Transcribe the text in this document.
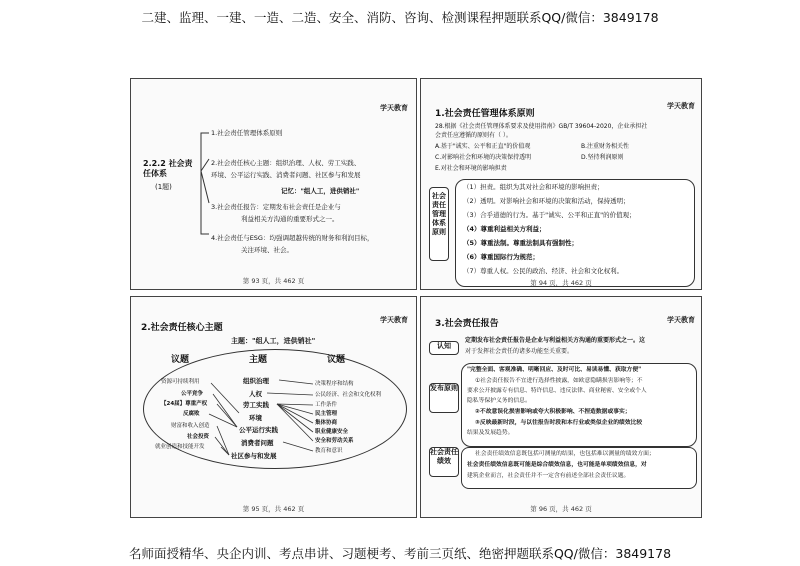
二建、监理、一建、一造、二造、安全、消防、咨询、检测课程押题联系QQ/微信：3849178
学天教育
2.2.2 社会责任体系
(1题)
1.社会责任管理体系原则
2.社会责任核心主题：组织治理、人权、劳工实践、
环境、公平运行实践、消费者问题、社区参与和发展
记忆："组人工，进供销社"
3.社会责任报告：定期发布社会责任是企业与
利益相关方沟通的重要形式之一。
4.社会责任与ESG：均强调超越传统的财务和利润目标，
关注环境、社会。
第 93 页，共 462 页
学天教育
1.社会责任管理体系原则
28.根据《社会责任管理体系要求及使用指南》GB/T 39604-2020，企业承担社
会责任应遵循的原则有（ ）。
A.基于"诚实、公平和正直"的价值观	B.注重财务相关性
C.对影响社会和环境的决策保持透明	D.坚持利润原则
E.对社会和环境的影响担责
社会责任管理体系原则
（1）担责。组织为其对社会和环境的影响担责；
（2）透明。对影响社会和环境的决策和活动，保持透明；
（3）合乎道德的行为。基于"诚实、公平和正直"的价值观；
（4）尊重利益相关方利益；
（5）尊重法制。尊重法制具有强制性；
（6）尊重国际行为规范；
（7）尊重人权。公民的政治、经济、社会和文化权利。
第 94 页，共 462 页
学天教育
2.社会责任核心主题
主题："组人工，进供销社"
议题	主题	议题
资源可持续利用
公平竞争
【24届】尊重产权
反腐败
财富和收入创造
社会投资
就业创造和技能开发
组织治理
人权
劳工实践
环境
公平运行实践
消费者问题
社区参与和发展
决策程序和结构
公民经济、社会和文化权利
工作条件
民主管理
集体协商
职业健康安全
安全和劳动关系
教育和意识
第 95 页，共 462 页
学天教育
3.社会责任报告
认知
定期发布社会责任报告是企业与利益相关方沟通的重要形式之一。这
对于发挥社会责任的诸多功能至关重要。
发布原则
"完整全面、客观准确、明晰回应、及时可比、易读易懂、获取方便"
①社会责任报告不宜进行选择性披露，如欧意隐瞒损害影响等；不
要求公开披露专有信息、特许信息、违反法律、商业秘密、安全或个人
隐私等保护义务的信息。
②不故意误化损害影响或夸大积极影响、不捏造数据或事实；
③反映最新时段，与以往报告时段和本行业或类似企业的绩效比较
结果及发展趋势。
社会责任绩效
社会责任绩效信息既包括可测量的结果，也包括难以测量的绩效方面；
社会责任绩效信息既可能是综合绩效信息，也可能是单项绩效信息，对
建筑企业而言，社会责任并不一定含有前述全部社会责任议题。
第 96 页，共 462 页
名师面授精华、央企内训、考点串讲、习题梗考、考前三页纸、绝密押题联系QQ/微信：3849178
